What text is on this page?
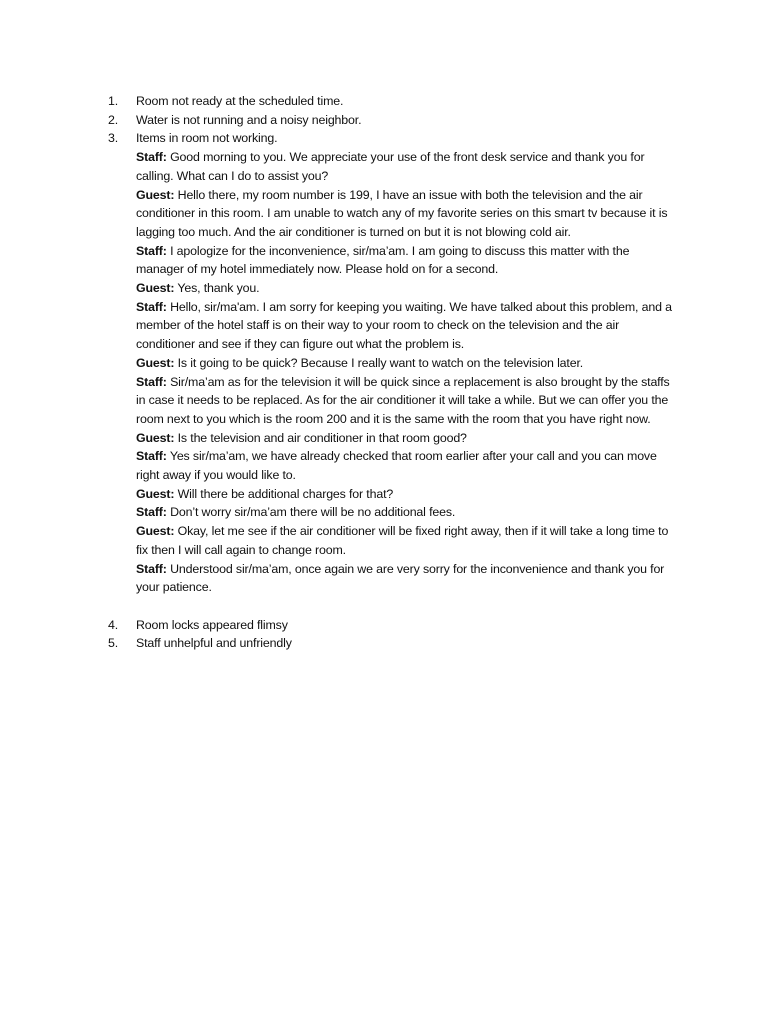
1.	Room not ready at the scheduled time.
2.	Water is not running and a noisy neighbor.
3.	Items in room not working.

Staff: Good morning to you. We appreciate your use of the front desk service and thank you for calling. What can I do to assist you?

Guest: Hello there, my room number is 199, I have an issue with both the television and the air conditioner in this room. I am unable to watch any of my favorite series on this smart tv because it is lagging too much. And the air conditioner is turned on but it is not blowing cold air.

Staff: I apologize for the inconvenience, sir/ma’am. I am going to discuss this matter with the manager of my hotel immediately now. Please hold on for a second.

Guest: Yes, thank you.

Staff: Hello, sir/ma'am. I am sorry for keeping you waiting. We have talked about this problem, and a member of the hotel staff is on their way to your room to check on the television and the air conditioner and see if they can figure out what the problem is.

Guest: Is it going to be quick? Because I really want to watch on the television later.

Staff: Sir/ma’am as for the television it will be quick since a replacement is also brought by the staffs in case it needs to be replaced. As for the air conditioner it will take a while. But we can offer you the room next to you which is the room 200 and it is the same with the room that you have right now.

Guest: Is the television and air conditioner in that room good?

Staff: Yes sir/ma’am, we have already checked that room earlier after your call and you can move right away if you would like to.

Guest: Will there be additional charges for that?

Staff: Don’t worry sir/ma’am there will be no additional fees.

Guest: Okay, let me see if the air conditioner will be fixed right away, then if it will take a long time to fix then I will call again to change room.

Staff: Understood sir/ma’am, once again we are very sorry for the inconvenience and thank you for your patience.

4.	Room locks appeared flimsy
5.	Staff unhelpful and unfriendly
